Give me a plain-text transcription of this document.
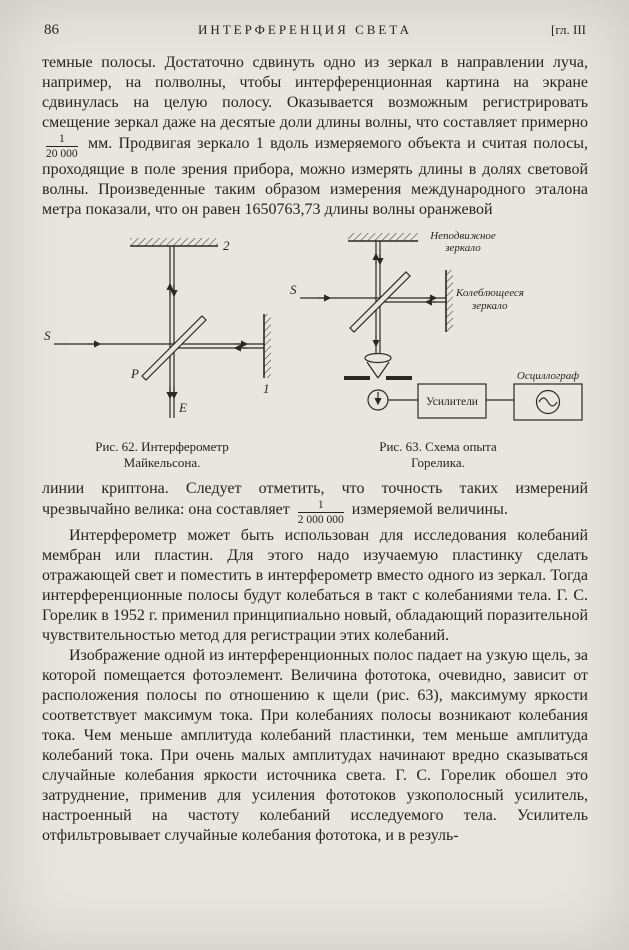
86	ИНТЕРФЕРЕНЦИЯ СВЕТА	[гл. III

темные полосы. Достаточно сдвинуть одно из зеркал в направлении луча, например, на полволны, чтобы интерференционная картина на экране сдвинулась на целую полосу. Оказывается возможным регистрировать смещение зеркал даже на десятые доли длины волны, что составляет примерно
$\frac{1}{20 000}$ мм. Продвигая зеркало 1 вдоль измеряемого объекта и считая полосы, проходящие в поле зрения прибора, можно измерять длины в долях световой волны. Произведенные таким образом измерения международного эталона метра показали, что он равен 1650763,73 длины волны оранжевой

2
1
S
P
E
Рис. 62. Интерферометр
Майкельсона.
Усилители
Неподвижное
зеркало
Колеблющееся
зеркало
S
Осциллограф
Рис. 63. Схема опыта
Горелика.

линии криптона. Следует отметить, что точность таких измерений чрезвычайно велика: она составляет $\frac{1}{2 000 000}$ измеряемой величины.

Интерферометр может быть использован для исследования колебаний мембран или пластин. Для этого надо изучаемую пластинку сделать отражающей свет и поместить в интерферометр вместо одного из зеркал. Тогда интерференционные полосы будут колебаться в такт с колебаниями тела. Г. С. Горелик в 1952 г. применил принципиально новый, обладающий поразительной чувствительностью метод для регистрации этих колебаний.

Изображение одной из интерференционных полос падает на узкую щель, за которой помещается фотоэлемент. Величина фототока, очевидно, зависит от расположения полосы по отношению к щели (рис. 63), максимуму яркости соответствует максимум тока. При колебаниях полосы возникают колебания тока. Чем меньше амплитуда колебаний пластинки, тем меньше амплитуда колебаний тока. При очень малых амплитудах начинают вредно сказываться случайные колебания яркости источника света. Г. С. Горелик обошел это затруднение, применив для усиления фототоков узкополосный усилитель, настроенный на частоту колебаний исследуемого тела. Усилитель отфильтровывает случайные колебания фототока, и в резуль-
